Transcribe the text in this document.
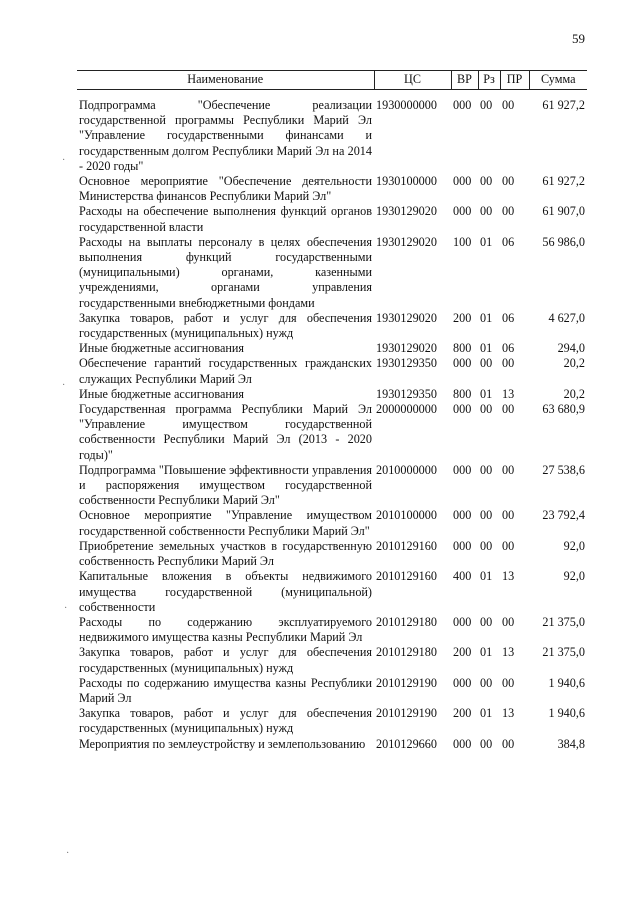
59
Наименование	ЦС	ВР	Рз	ПР	Сумма

Подпрограмма "Обеспечение реализации государственной программы Республики Марий Эл "Управление государственными финансами и государственным долгом Республики Марий Эл на 2014 - 2020 годы"	1930000000	000	00	00	61 927,2
Основное мероприятие "Обеспечение деятельности Министерства финансов Республики Марий Эл"	1930100000	000	00	00	61 927,2
Расходы на обеспечение выполнения функций органов государственной власти	1930129020	000	00	00	61 907,0
Расходы на выплаты персоналу в целях обеспечения выполнения функций государственными (муниципальными) органами, казенными учреждениями, органами управления государственными внебюджетными фондами	1930129020	100	01	06	56 986,0
Закупка товаров, работ и услуг для обеспечения государственных (муниципальных) нужд	1930129020	200	01	06	4 627,0
Иные бюджетные ассигнования	1930129020	800	01	06	294,0
Обеспечение гарантий государственных гражданских служащих Республики Марий Эл	1930129350	000	00	00	20,2
Иные бюджетные ассигнования	1930129350	800	01	13	20,2
Государственная программа Республики Марий Эл "Управление имуществом государственной собственности Республики Марий Эл (2013 - 2020 годы)"	2000000000	000	00	00	63 680,9
Подпрограмма "Повышение эффективности управления и распоряжения имуществом государственной собственности Республики Марий Эл"	2010000000	000	00	00	27 538,6
Основное мероприятие "Управление имуществом государственной собственности Республики Марий Эл"	2010100000	000	00	00	23 792,4
Приобретение земельных участков в государственную собственность Республики Марий Эл	2010129160	000	00	00	92,0
Капитальные вложения в объекты недвижимого имущества государственной (муниципальной) собственности	2010129160	400	01	13	92,0
Расходы по содержанию эксплуатируемого недвижимого имущества казны Республики Марий Эл	2010129180	000	00	00	21 375,0
Закупка товаров, работ и услуг для обеспечения государственных (муниципальных) нужд	2010129180	200	01	13	21 375,0
Расходы по содержанию имущества казны Республики Марий Эл	2010129190	000	00	00	1 940,6
Закупка товаров, работ и услуг для обеспечения государственных (муниципальных) нужд	2010129190	200	01	13	1 940,6
Мероприятия по землеустройству и землепользованию	2010129660	000	00	00	384,8
·
·
·
·
